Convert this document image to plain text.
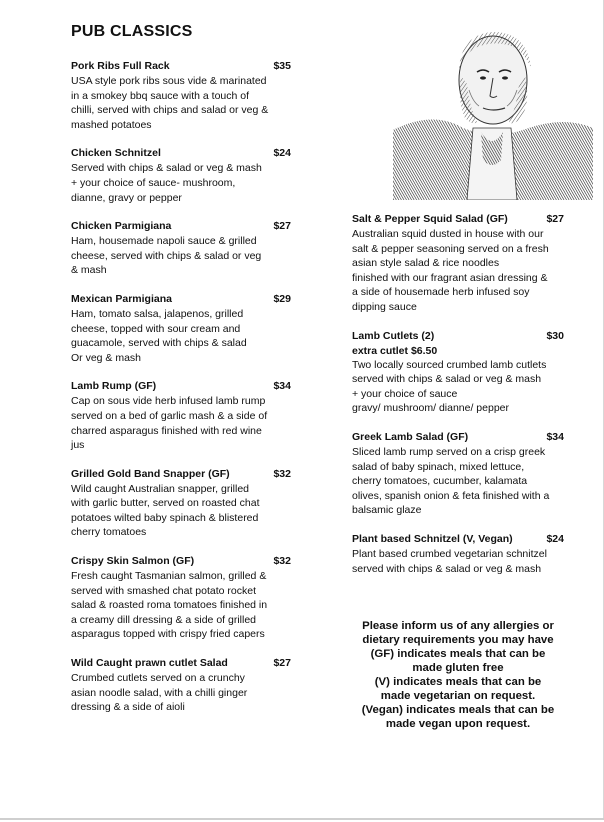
PUB CLASSICS
Pork Ribs Full Rack	$35
USA style pork ribs sous vide & marinated
in a smokey bbq sauce with a touch of
chilli, served with chips and salad or veg &
mashed potatoes
Chicken Schnitzel	$24
Served with chips & salad or veg & mash
+ your choice of sauce- mushroom,
dianne, gravy or pepper
Chicken Parmigiana	$27
Ham, housemade napoli sauce & grilled
cheese, served with chips & salad or veg
& mash
Mexican Parmigiana	$29
Ham, tomato salsa, jalapenos, grilled
cheese, topped with sour cream and
guacamole, served with chips & salad
Or veg & mash
Lamb Rump (GF)	$34
Cap on sous vide herb infused lamb rump
served on a bed of garlic mash & a side of
charred asparagus finished with red wine
jus
Grilled Gold Band Snapper (GF)	$32
Wild caught Australian snapper, grilled
with garlic butter, served on roasted chat
potatoes wilted baby spinach & blistered
cherry tomatoes
Crispy Skin Salmon (GF)	$32
Fresh caught Tasmanian salmon, grilled &
served with smashed chat potato rocket
salad & roasted roma tomatoes finished in
a creamy dill dressing & a side of grilled
asparagus topped with crispy fried capers
Wild Caught prawn cutlet Salad	$27
Crumbed cutlets served on a crunchy
asian noodle salad, with a chilli ginger
dressing & a side of aioli
Salt & Pepper Squid Salad (GF)	$27
Australian squid dusted in house with our
salt & pepper seasoning served on a fresh
asian style salad & rice noodles
finished with our fragrant asian dressing &
a side of housemade herb infused soy
dipping sauce
Lamb Cutlets (2)	$30
extra cutlet $6.50
Two locally sourced crumbed lamb cutlets
served with chips & salad or veg & mash
+ your choice of sauce
gravy/ mushroom/ dianne/ pepper
Greek Lamb Salad (GF)	$34
Sliced lamb rump served on a crisp greek
salad of baby spinach, mixed lettuce,
cherry tomatoes, cucumber, kalamata
olives, spanish onion & feta finished with a
balsamic glaze
Plant based Schnitzel (V, Vegan)	$24
Plant based crumbed vegetarian schnitzel
served with chips & salad or veg & mash
Please inform us of any allergies or
dietary requirements you may have
(GF) indicates meals that can be
made gluten free
(V) indicates meals that can be
made vegetarian on request.
(Vegan) indicates meals that can be
made vegan upon request.
